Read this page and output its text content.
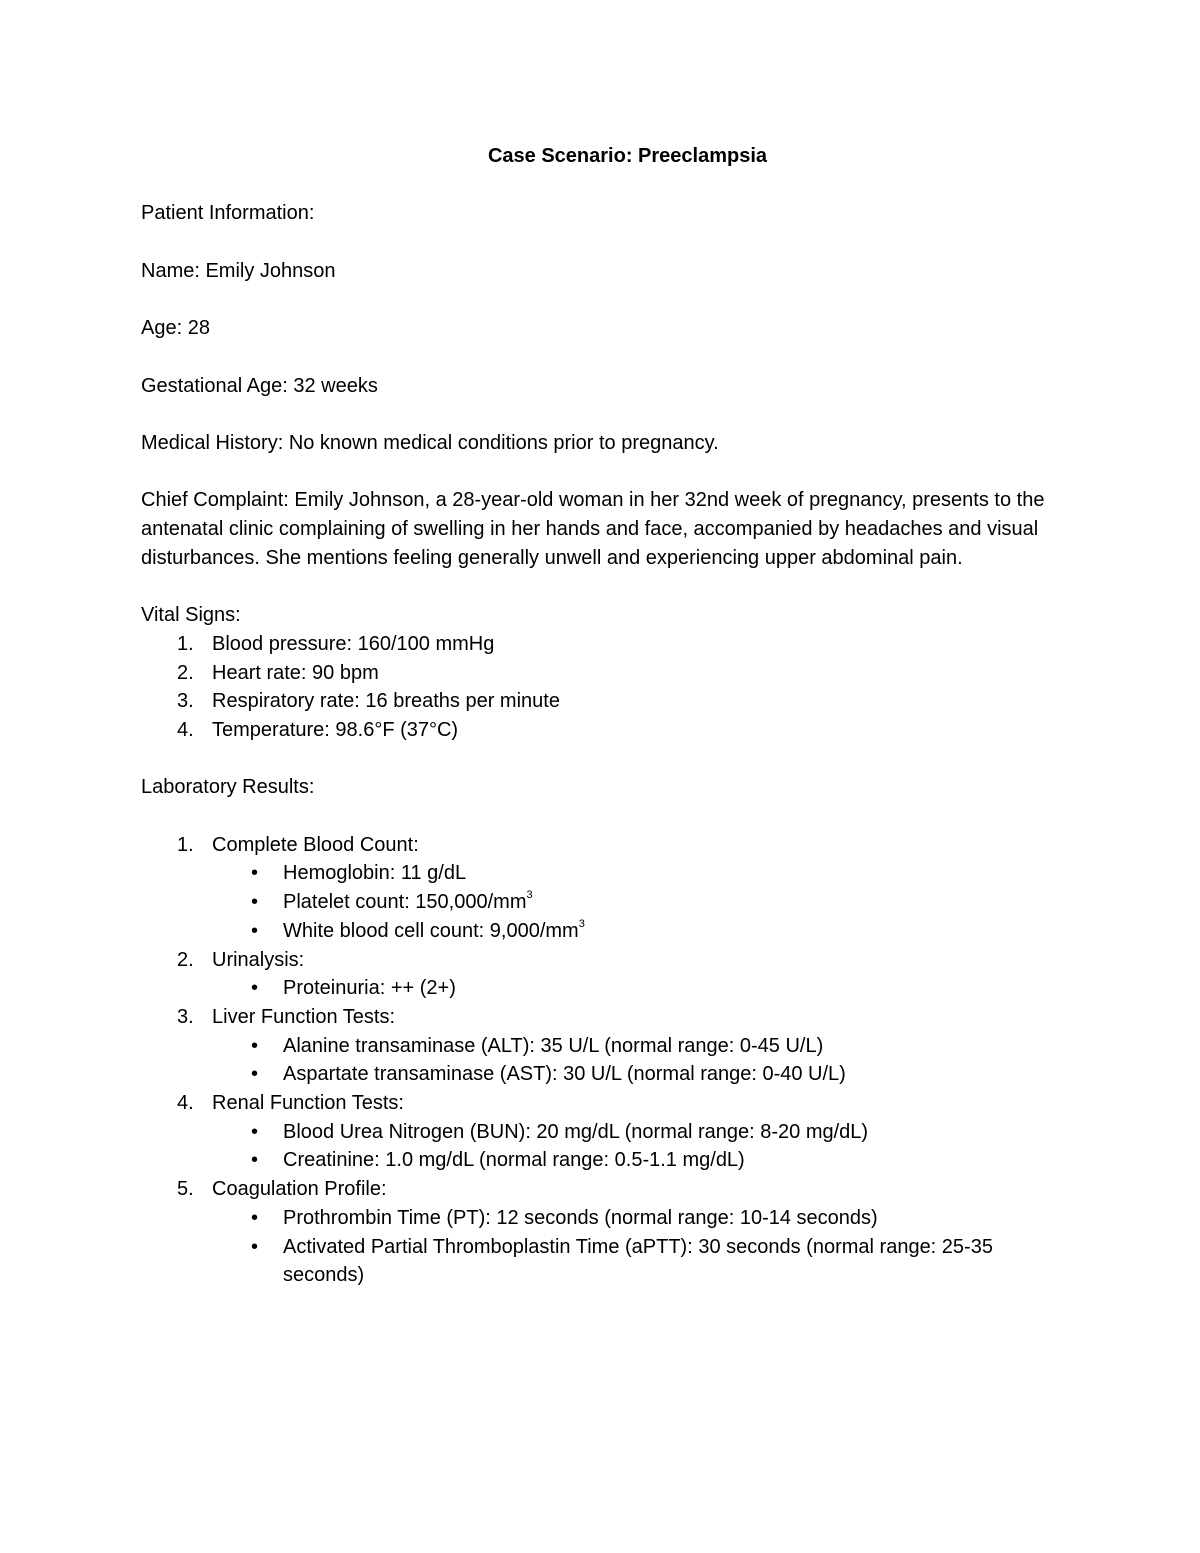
Case Scenario: Preeclampsia

Patient Information:

Name: Emily Johnson

Age: 28

Gestational Age: 32 weeks

Medical History: No known medical conditions prior to pregnancy.

Chief Complaint: Emily Johnson, a 28-year-old woman in her 32nd week of pregnancy, presents to the antenatal clinic complaining of swelling in her hands and face, accompanied by headaches and visual disturbances. She mentions feeling generally unwell and experiencing upper abdominal pain.

Vital Signs:
1. Blood pressure: 160/100 mmHg
2. Heart rate: 90 bpm
3. Respiratory rate: 16 breaths per minute
4. Temperature: 98.6°F (37°C)

Laboratory Results:

1. Complete Blood Count:
• Hemoglobin: 11 g/dL
• Platelet count: $150,000/mm^3$
• White blood cell count: $9,000/mm^3$
2. Urinalysis:
• Proteinuria: ++ (2+)
3. Liver Function Tests:
• Alanine transaminase (ALT): 35 U/L (normal range: 0-45 U/L)
• Aspartate transaminase (AST): 30 U/L (normal range: 0-40 U/L)
4. Renal Function Tests:
• Blood Urea Nitrogen (BUN): 20 mg/dL (normal range: 8-20 mg/dL)
• Creatinine: 1.0 mg/dL (normal range: 0.5-1.1 mg/dL)
5. Coagulation Profile:
• Prothrombin Time (PT): 12 seconds (normal range: 10-14 seconds)
• Activated Partial Thromboplastin Time (aPTT): 30 seconds (normal range: 25-35 seconds)
